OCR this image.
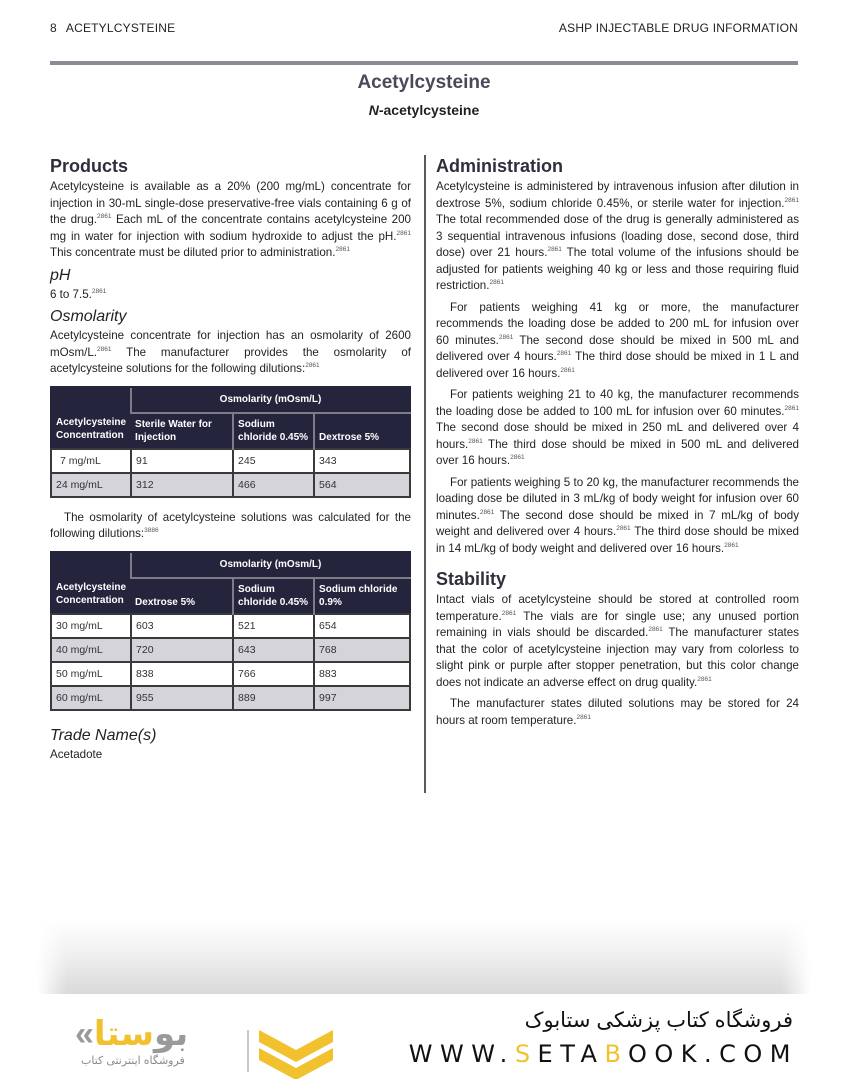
8 ACETYLCYSTEINE	ASHP INJECTABLE DRUG INFORMATION
Acetylcysteine
N-acetylcysteine
Products

Acetylcysteine is available as a 20% (200 mg/mL) concentrate for injection in 30-mL single-dose preservative-free vials containing 6 g of the drug.$^{2861}$ Each mL of the concentrate contains acetylcysteine 200 mg in water for injection with sodium hydroxide to adjust the pH.$^{2861}$ This concentrate must be diluted prior to administration.$^{2861}$

pH

6 to 7.5.$^{2861}$

Osmolarity

Acetylcysteine concentrate for injection has an osmolarity of 2600 mOsm/L.$^{2861}$ The manufacturer provides the osmolarity of acetylcysteine solutions for the following dilutions:$^{2861}$

Acetylcysteine Concentration	Osmolarity (mOsm/L)		
	Sterile Water for Injection	Sodium chloride 0.45%	Dextrose 5%
7 mg/mL	91	245	343
24 mg/mL	312	466	564

The osmolarity of acetylcysteine solutions was calculated for the following dilutions:$^{3886}$

Acetylcysteine Concentration	Osmolarity (mOsm/L)		
	Dextrose 5%	Sodium chloride 0.45%	Sodium chloride 0.9%
30 mg/mL	603	521	654
40 mg/mL	720	643	768
50 mg/mL	838	766	883
60 mg/mL	955	889	997
Trade Name(s)

Acetadote

Administration

Acetylcysteine is administered by intravenous infusion after dilution in dextrose 5%, sodium chloride 0.45%, or sterile water for injection.$^{2861}$ The total recommended dose of the drug is generally administered as 3 sequential intravenous infusions (loading dose, second dose, third dose) over 21 hours.$^{2861}$ The total volume of the infusions should be adjusted for patients weighing 40 kg or less and those requiring fluid restriction.$^{2861}$

For patients weighing 41 kg or more, the manufacturer recommends the loading dose be added to 200 mL for infusion over 60 minutes.$^{2861}$ The second dose should be mixed in 500 mL and delivered over 4 hours.$^{2861}$ The third dose should be mixed in 1 L and delivered over 16 hours.$^{2861}$

For patients weighing 21 to 40 kg, the manufacturer recommends the loading dose be added to 100 mL for infusion over 60 minutes.$^{2861}$ The second dose should be mixed in 250 mL and delivered over 4 hours.$^{2861}$ The third dose should be mixed in 500 mL and delivered over 16 hours.$^{2861}$

For patients weighing 5 to 20 kg, the manufacturer recommends the loading dose be diluted in 3 mL/kg of body weight for infusion over 60 minutes.$^{2861}$ The second dose should be mixed in 7 mL/kg of body weight and delivered over 4 hours.$^{2861}$ The third dose should be mixed in 14 mL/kg of body weight and delivered over 16 hours.$^{2861}$

Stability

Intact vials of acetylcysteine should be stored at controlled room temperature.$^{2861}$ The vials are for single use; any unused portion remaining in vials should be discarded.$^{2861}$ The manufacturer states that the color of acetylcysteine injection may vary from colorless to slight pink or purple after stopper penetration, but this color change does not indicate an adverse effect on drug quality.$^{2861}$

The manufacturer states diluted solutions may be stored for 24 hours at room temperature.$^{2861}$

«بوستا
فروشگاه اینترنتی کتاب
فروشگاه کتاب پزشکی ستابوک
WWW.SETABOOK.COM
